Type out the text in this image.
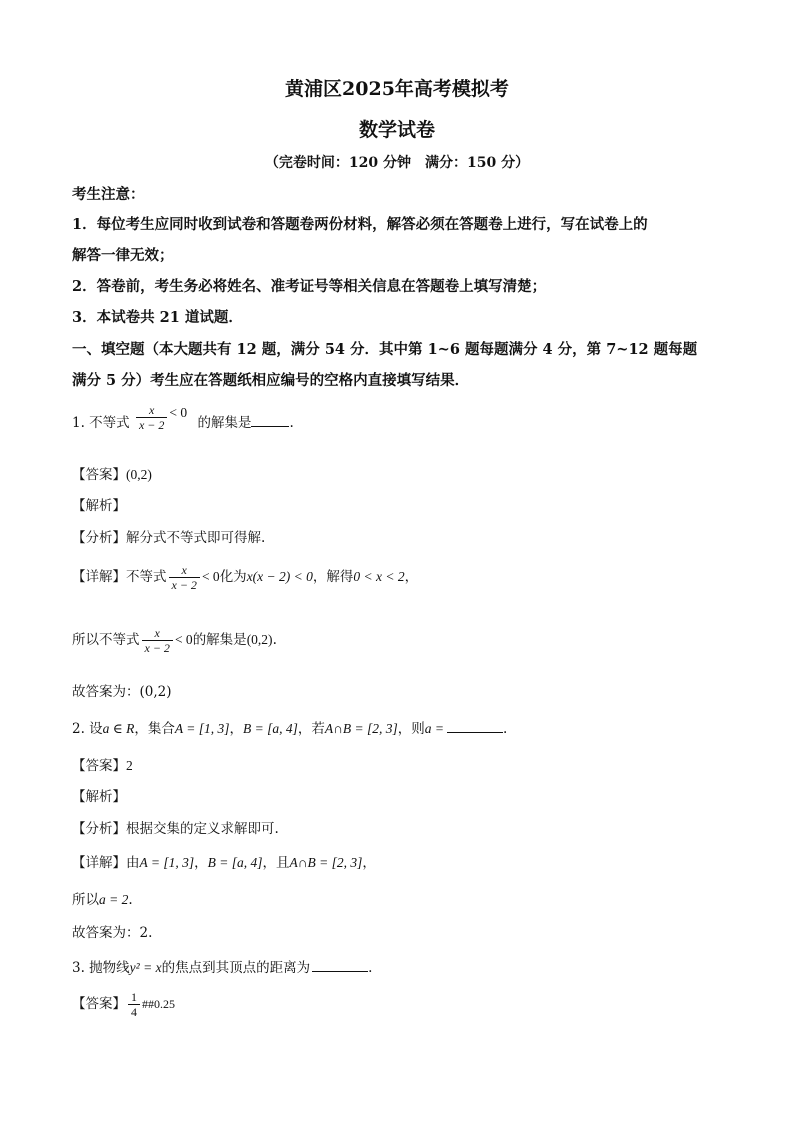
黄浦区2025年高考模拟考
数学试卷
（完卷时间：120 分钟　满分：150 分）
考生注意：
1．每位考生应同时收到试卷和答题卷两份材料，解答必须在答题卷上进行，写在试卷上的
解答一律无效；
2．答卷前，考生务必将姓名、准考证号等相关信息在答题卷上填写清楚；
3．本试卷共 21 道试题．
一、填空题（本大题共有 12 题，满分 54 分．其中第 1~6 题每题满分 4 分，第 7~12 题每题
满分 5 分）考生应在答题纸相应编号的空格内直接填写结果．
1. 不等式 $\frac{x}{x - 2} < 0$ 的解集是	.
【答案】(0,2)
【解析】
【分析】解分式不等式即可得解.
【详解】不等式 $\frac{x}{x - 2} < 0$化为x(x − 2) < 0，解得0 < x < 2，
所以不等式 $\frac{x}{x - 2} < 0$的解集是(0,2).
故答案为：(0,2)
2. 设a ∈ R，集合A = [1, 3]，B = [a, 4]，若A∩B = [2, 3]，则a =	.
【答案】2
【解析】
【分析】根据交集的定义求解即可.
【详解】由A = [1, 3]，B = [a, 4]，且A∩B = [2, 3]，
所以a = 2.
故答案为：2.
3. 抛物线y² = x的焦点到其顶点的距离为	.
【答案】 $\frac{1}{4}$ ##0.25
